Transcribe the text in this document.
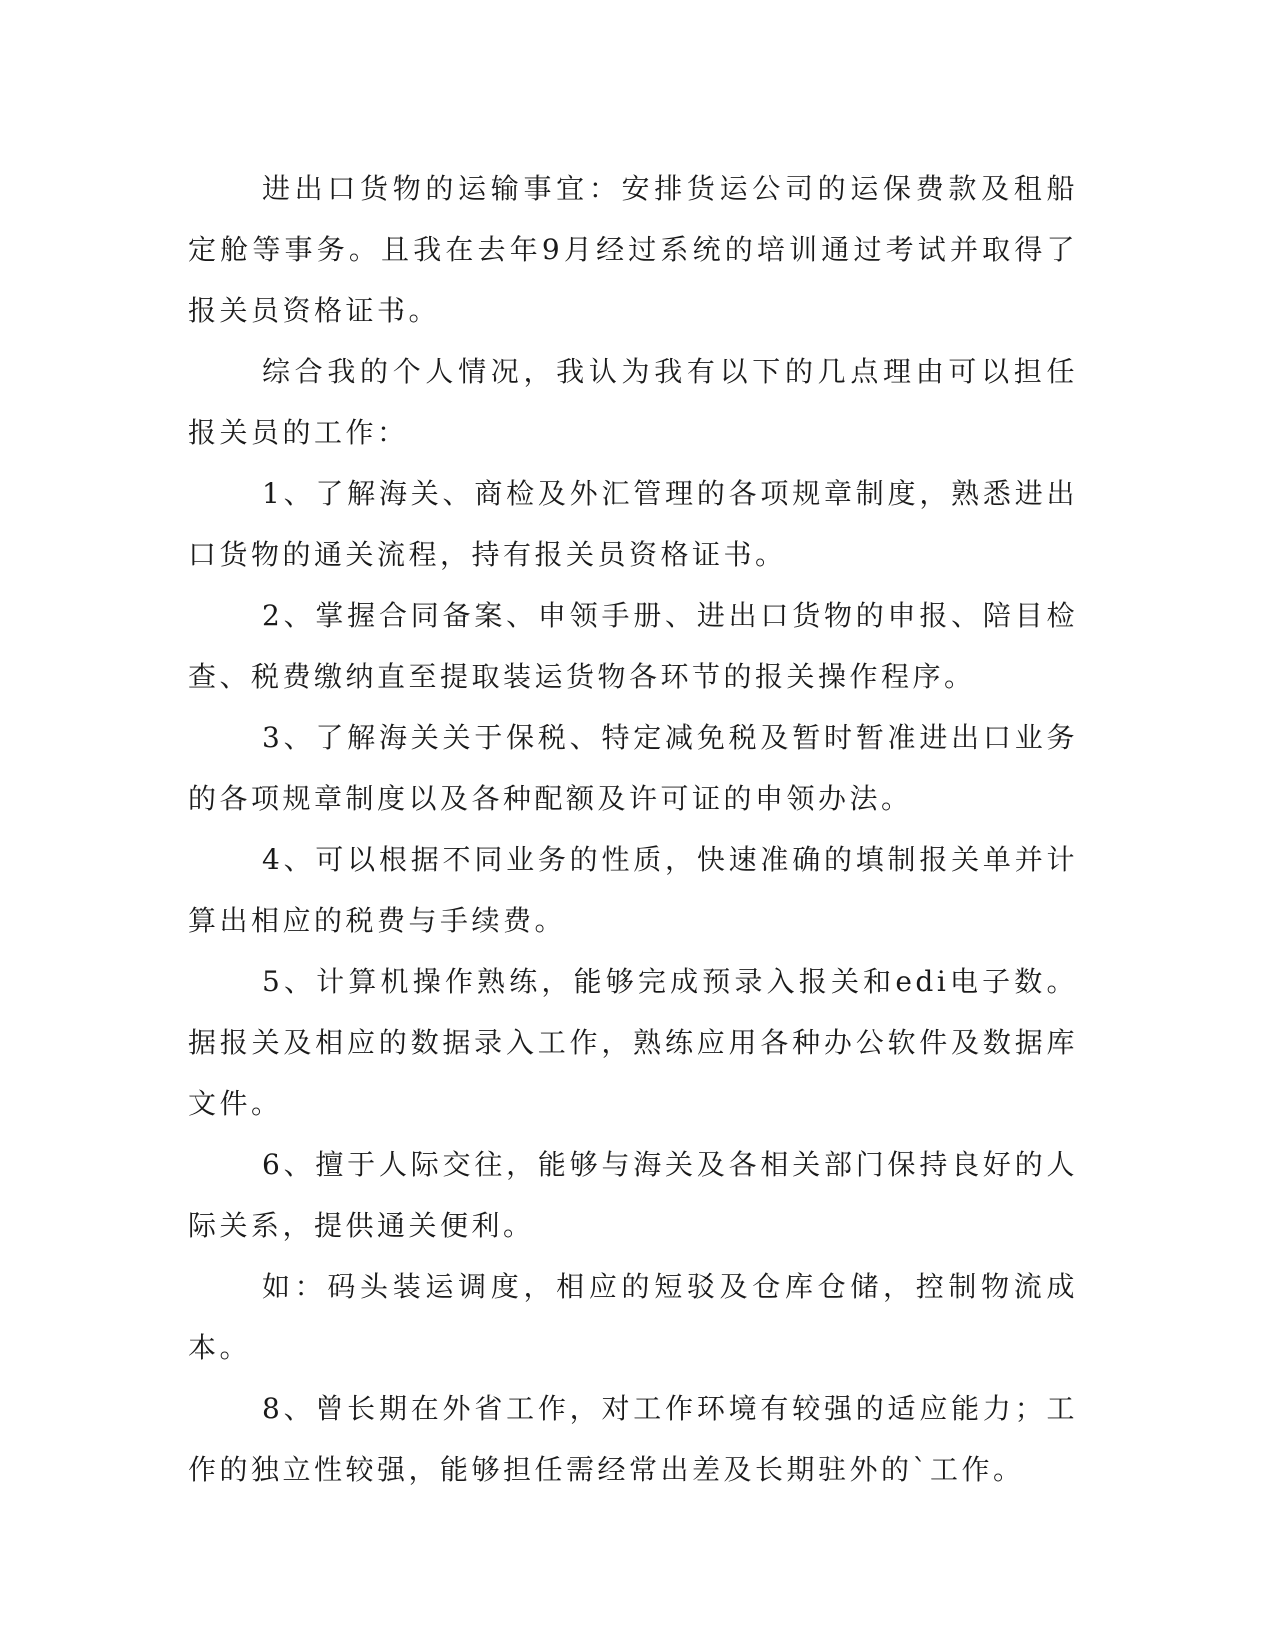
进出口货物的运输事宜：安排货运公司的运保费款及租船定舱等事务。且我在去年9月经过系统的培训通过考试并取得了报关员资格证书。

综合我的个人情况，我认为我有以下的几点理由可以担任报关员的工作：

1、了解海关、商检及外汇管理的各项规章制度，熟悉进出口货物的通关流程，持有报关员资格证书。

2、掌握合同备案、申领手册、进出口货物的申报、陪目检查、税费缴纳直至提取装运货物各环节的报关操作程序。

3、了解海关关于保税、特定减免税及暂时暂准进出口业务的各项规章制度以及各种配额及许可证的申领办法。

4、可以根据不同业务的性质，快速准确的填制报关单并计算出相应的税费与手续费。

5、计算机操作熟练，能够完成预录入报关和edi电子数。据报关及相应的数据录入工作，熟练应用各种办公软件及数据库文件。

6、擅于人际交往，能够与海关及各相关部门保持良好的人际关系，提供通关便利。

如：码头装运调度，相应的短驳及仓库仓储，控制物流成本。

8、曾长期在外省工作，对工作环境有较强的适应能力；工作的独立性较强，能够担任需经常出差及长期驻外的`工作。
